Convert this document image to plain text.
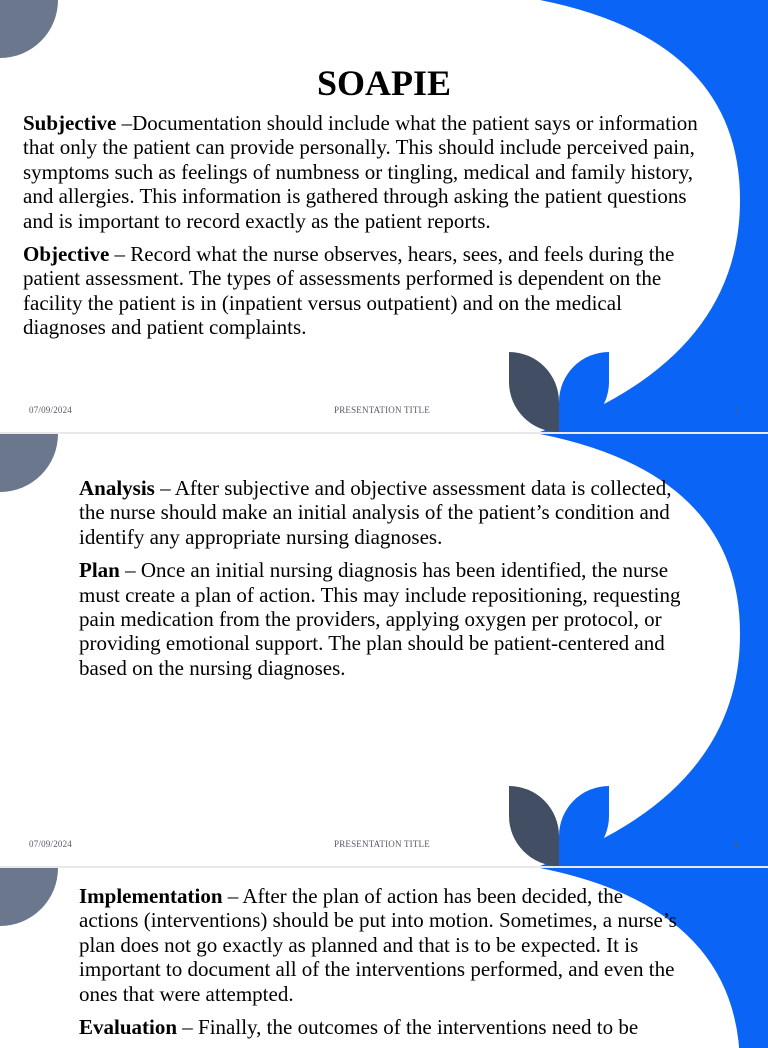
SOAPIE

Subjective –Documentation should include what the patient says or information that only the patient can provide personally. This should include perceived pain, symptoms such as feelings of numbness or tingling, medical and family history, and allergies. This information is gathered through asking the patient questions and is important to record exactly as the patient reports.

Objective – Record what the nurse observes, hears, sees, and feels during the patient assessment. The types of assessments performed is dependent on the facility the patient is in (inpatient versus outpatient) and on the medical diagnoses and patient complaints.

07/09/2024	PRESENTATION TITLE	1

Analysis – After subjective and objective assessment data is collected, the nurse should make an initial analysis of the patient’s condition and identify any appropriate nursing diagnoses.

Plan – Once an initial nursing diagnosis has been identified, the nurse must create a plan of action. This may include repositioning, requesting pain medication from the providers, applying oxygen per protocol, or providing emotional support. The plan should be patient-centered and based on the nursing diagnoses.

07/09/2024	PRESENTATION TITLE	2

Implementation – After the plan of action has been decided, the actions (interventions) should be put into motion. Sometimes, a nurse’s plan does not go exactly as planned and that is to be expected. It is important to document all of the interventions performed, and even the ones that were attempted.

Evaluation – Finally, the outcomes of the interventions need to be
